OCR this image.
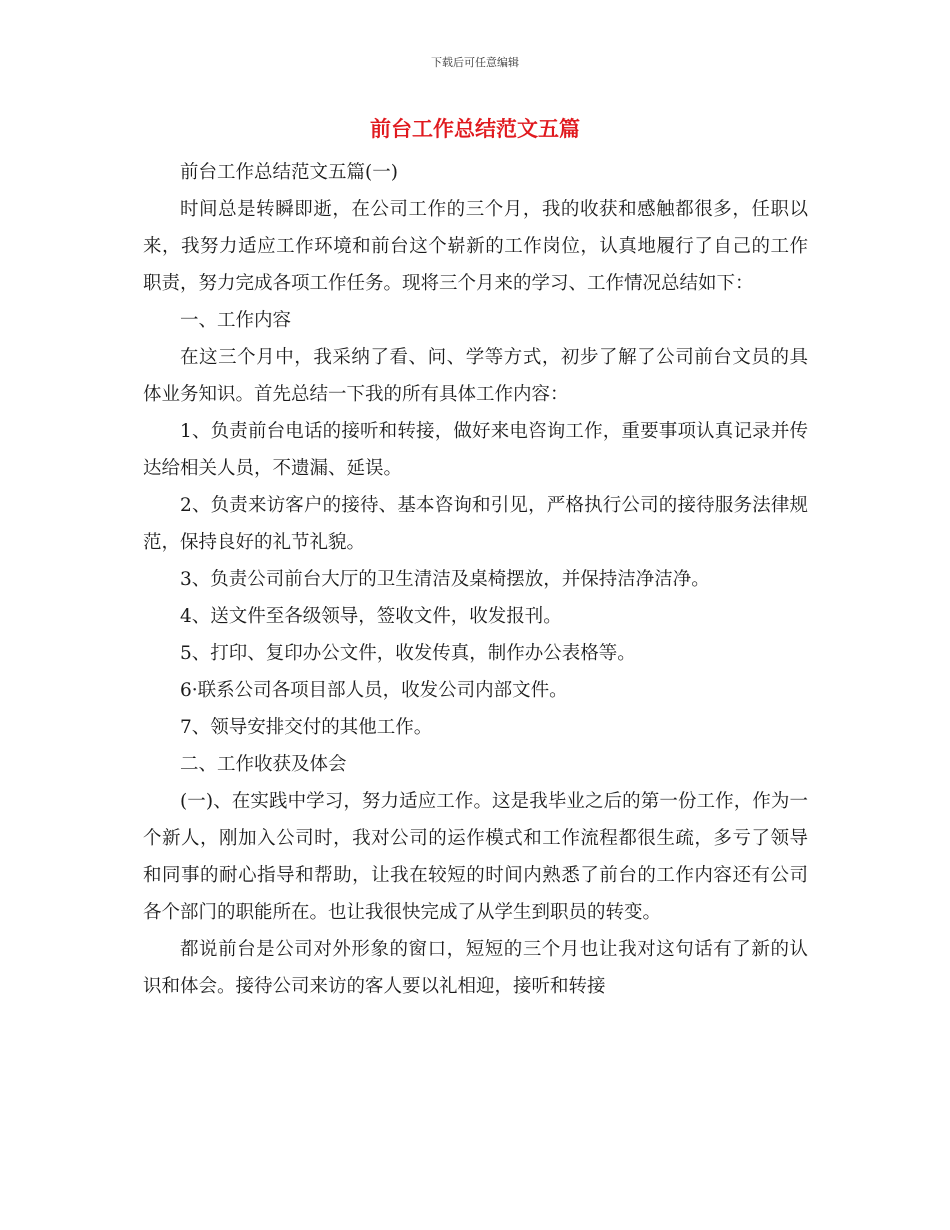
下载后可任意编辑
前台工作总结范文五篇

前台工作总结范文五篇(一)

时间总是转瞬即逝，在公司工作的三个月，我的收获和感触都很多，任职以来，我努力适应工作环境和前台这个崭新的工作岗位，认真地履行了自己的工作职责，努力完成各项工作任务。现将三个月来的学习、工作情况总结如下：

一、工作内容

在这三个月中，我采纳了看、问、学等方式，初步了解了公司前台文员的具体业务知识。首先总结一下我的所有具体工作内容：

1、负责前台电话的接听和转接，做好来电咨询工作，重要事项认真记录并传达给相关人员，不遗漏、延误。

2、负责来访客户的接待、基本咨询和引见，严格执行公司的接待服务法律规范，保持良好的礼节礼貌。

3、负责公司前台大厅的卫生清洁及桌椅摆放，并保持洁净洁净。

4、送文件至各级领导，签收文件，收发报刊。

5、打印、复印办公文件，收发传真，制作办公表格等。

6·联系公司各项目部人员，收发公司内部文件。

7、领导安排交付的其他工作。

二、工作收获及体会

(一)、在实践中学习，努力适应工作。这是我毕业之后的第一份工作，作为一个新人，刚加入公司时，我对公司的运作模式和工作流程都很生疏，多亏了领导和同事的耐心指导和帮助，让我在较短的时间内熟悉了前台的工作内容还有公司各个部门的职能所在。也让我很快完成了从学生到职员的转变。

都说前台是公司对外形象的窗口，短短的三个月也让我对这句话有了新的认识和体会。接待公司来访的客人要以礼相迎，接听和转接
